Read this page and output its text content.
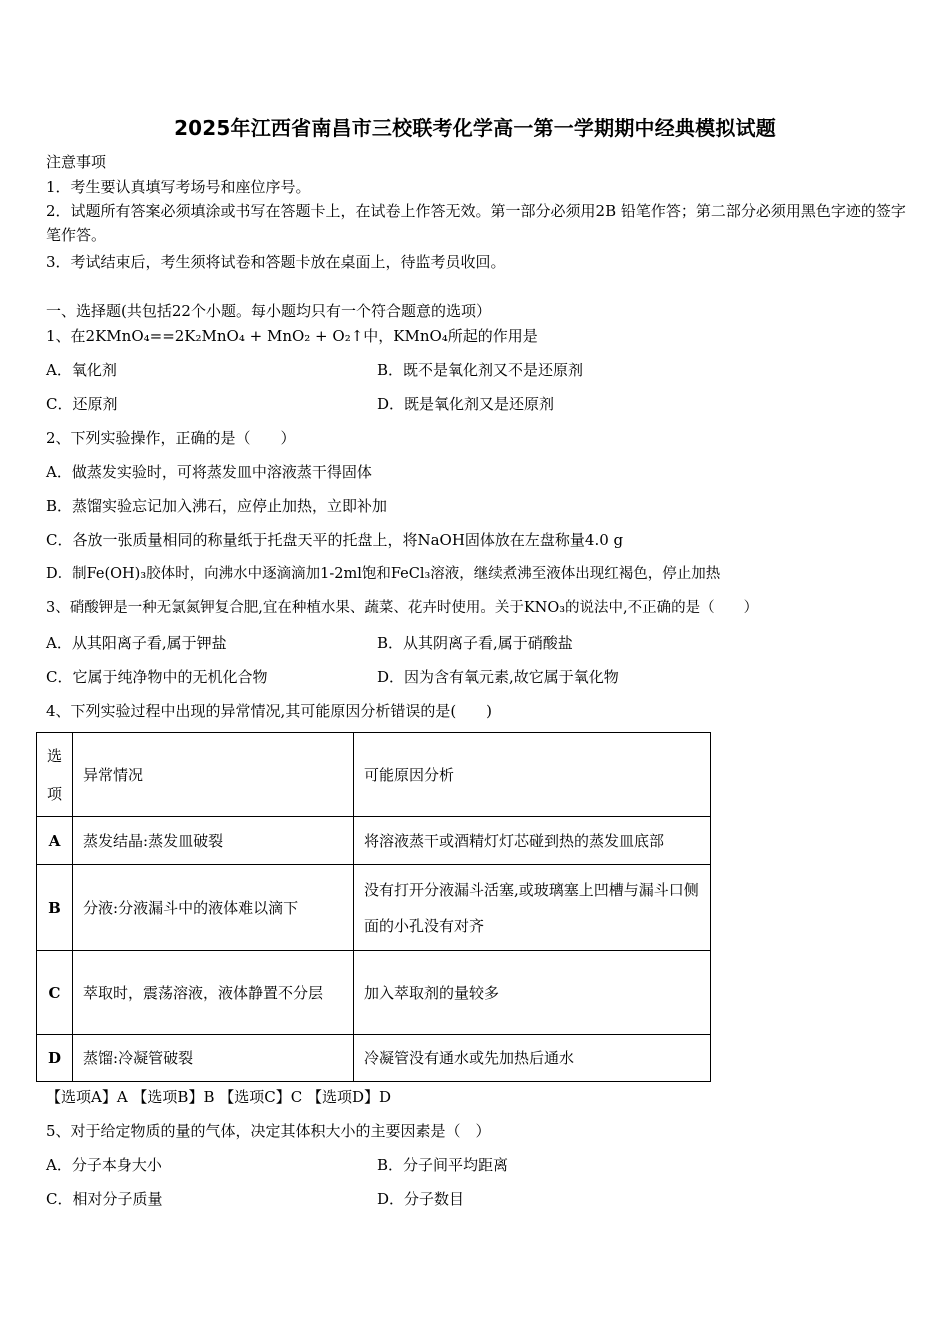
2025年江西省南昌市三校联考化学高一第一学期期中经典模拟试题
注意事项
1．考生要认真填写考场号和座位序号。
2．试题所有答案必须填涂或书写在答题卡上，在试卷上作答无效。第一部分必须用2B 铅笔作答；第二部分必须用黑色字迹的签字笔作答。
3．考试结束后，考生须将试卷和答题卡放在桌面上，待监考员收回。
一、选择题(共包括22个小题。每小题均只有一个符合题意的选项）
1、在2KMnO₄==2K₂MnO₄ + MnO₂ + O₂↑中，KMnO₄所起的作用是
A．氧化剂	B．既不是氧化剂又不是还原剂
C．还原剂	D．既是氧化剂又是还原剂
2、下列实验操作，正确的是（　　）
A．做蒸发实验时，可将蒸发皿中溶液蒸干得固体
B．蒸馏实验忘记加入沸石，应停止加热，立即补加
C．各放一张质量相同的称量纸于托盘天平的托盘上，将NaOH固体放在左盘称量4.0 g
D．制Fe(OH)₃胶体时，向沸水中逐滴滴加1-2ml饱和FeCl₃溶液，继续煮沸至液体出现红褐色，停止加热
3、硝酸钾是一种无氯氮钾复合肥,宜在种植水果、蔬菜、花卉时使用。关于KNO₃的说法中,不正确的是（　　）
A．从其阳离子看,属于钾盐	B．从其阴离子看,属于硝酸盐
C．它属于纯净物中的无机化合物	D．因为含有氧元素,故它属于氧化物
4、下列实验过程中出现的异常情况,其可能原因分析错误的是(　　)
选
项	异常情况	可能原因分析
A	蒸发结晶:蒸发皿破裂	将溶液蒸干或酒精灯灯芯碰到热的蒸发皿底部
B	分液:分液漏斗中的液体难以滴下	没有打开分液漏斗活塞,或玻璃塞上凹槽与漏斗口侧面的小孔没有对齐
C	萃取时，震荡溶液，液体静置不分层	加入萃取剂的量较多
D	蒸馏:冷凝管破裂	冷凝管没有通水或先加热后通水
【选项A】A 【选项B】B 【选项C】C 【选项D】D
5、对于给定物质的量的气体，决定其体积大小的主要因素是（　）
A．分子本身大小	B．分子间平均距离
C．相对分子质量	D．分子数目
